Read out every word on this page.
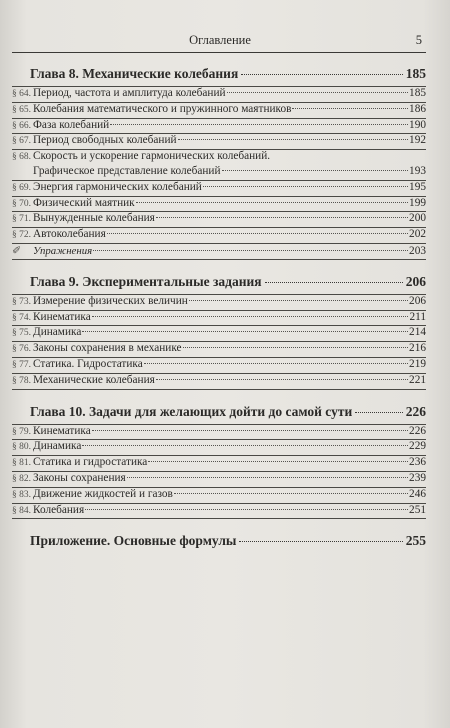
Оглавление	5
Глава 8. Механические колебания	185
§ 64. Период, частота и амплитуда колебаний	185
§ 65. Колебания математического и пружинного маятников	186
§ 66. Фаза колебаний	190
§ 67. Период свободных колебаний	192
§ 68. Скорость и ускорение гармонических колебаний.
Графическое представление колебаний	193
§ 69. Энергия гармонических колебаний	195
§ 70. Физический маятник	199
§ 71. Вынужденные колебания	200
§ 72. Автоколебания	202
✐	Упражнения	203
Глава 9. Экспериментальные задания	206
§ 73. Измерение физических величин	206
§ 74. Кинематика	211
§ 75. Динамика	214
§ 76. Законы сохранения в механике	216
§ 77. Статика. Гидростатика	219
§ 78. Механические колебания	221
Глава 10. Задачи для желающих дойти до самой сути	226
§ 79. Кинематика	226
§ 80. Динамика	229
§ 81. Статика и гидростатика	236
§ 82. Законы сохранения	239
§ 83. Движение жидкостей и газов	246
§ 84. Колебания	251
Приложение. Основные формулы	255
